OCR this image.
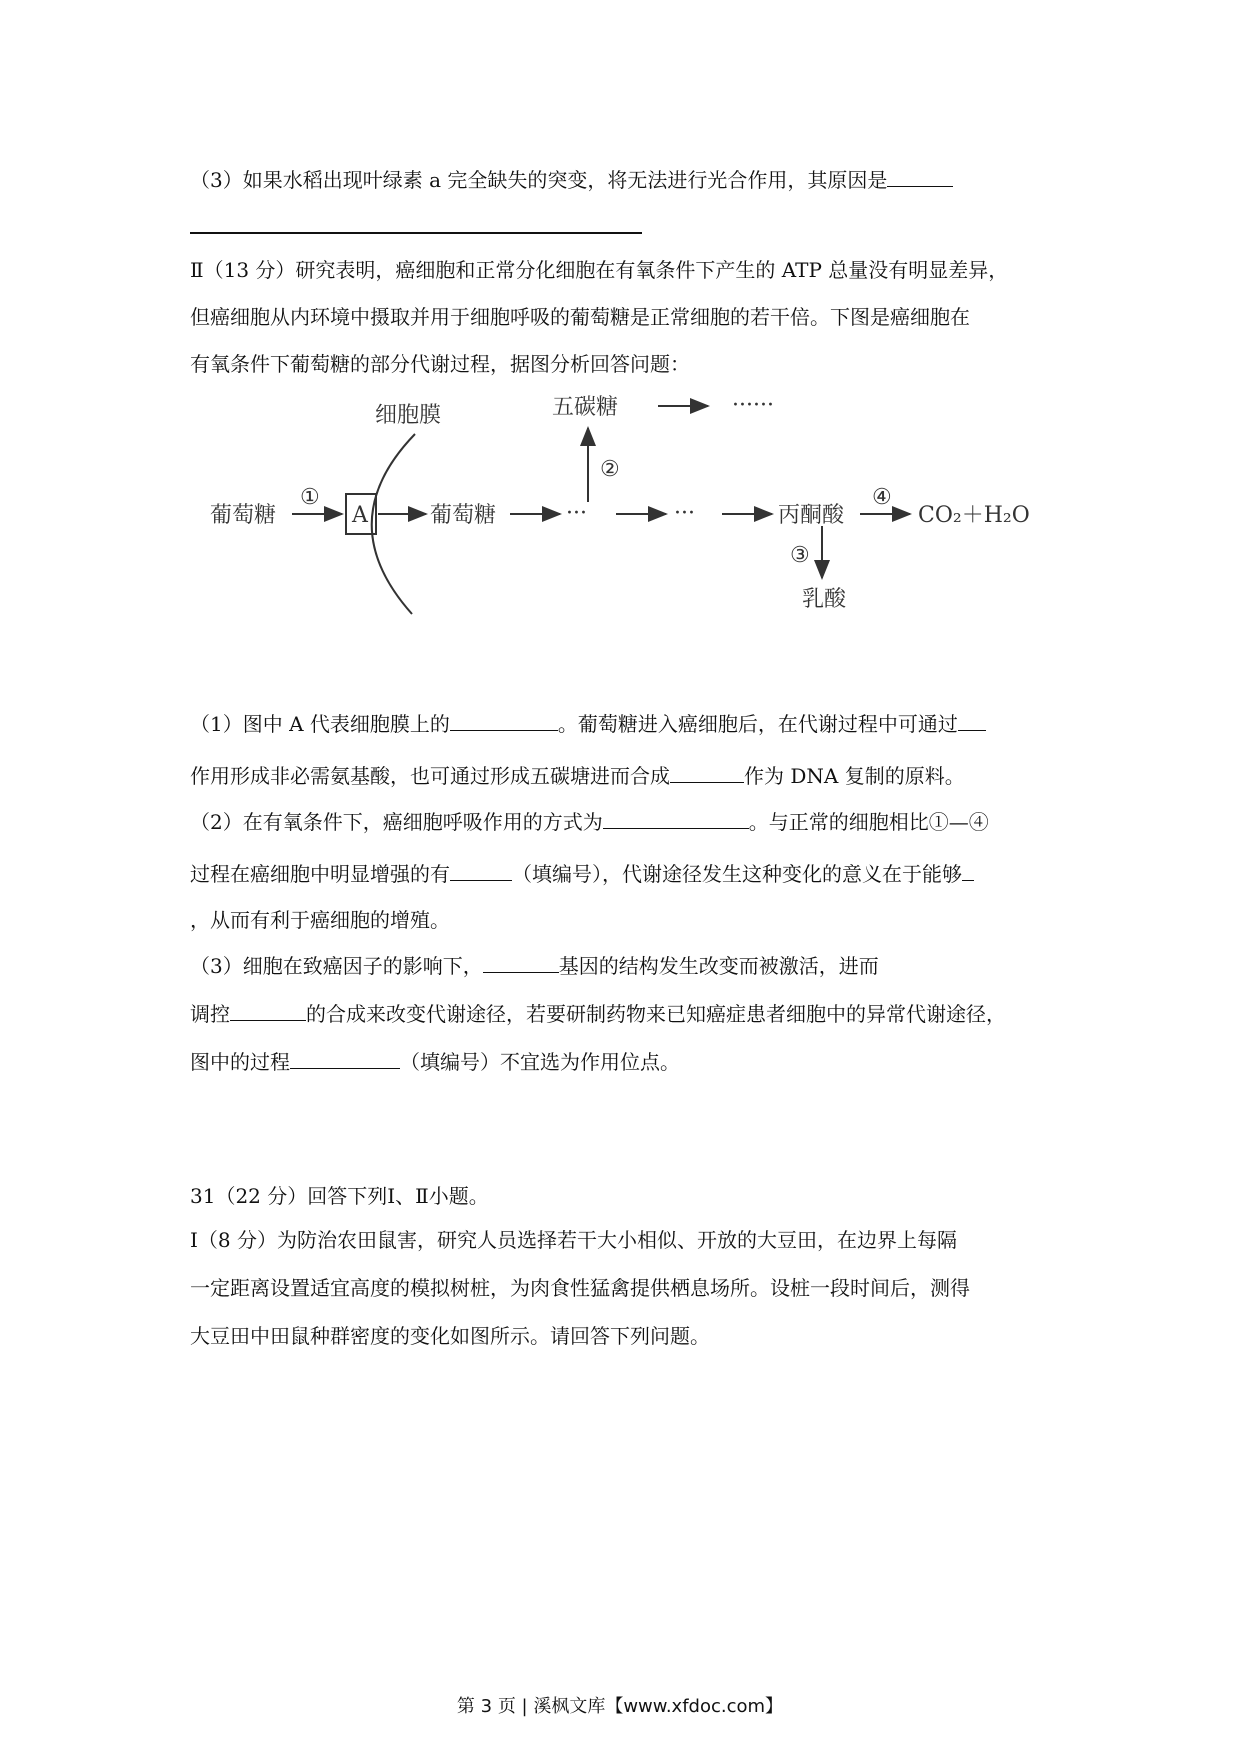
（3）如果水稻出现叶绿素 a 完全缺失的突变，将无法进行光合作用，其原因是
Ⅱ（13 分）研究表明，癌细胞和正常分化细胞在有氧条件下产生的 ATP 总量没有明显差异，
但癌细胞从内环境中摄取并用于细胞呼吸的葡萄糖是正常细胞的若干倍。下图是癌细胞在
有氧条件下葡萄糖的部分代谢过程，据图分析回答问题：
细胞膜
葡萄糖
①
A	葡萄糖	···	···	丙酮酸
④
CO₂＋H₂O
②
五碳糖	······
③
乳酸
（1）图中 A 代表细胞膜上的	。葡萄糖进入癌细胞后，在代谢过程中可通过
作用形成非必需氨基酸，也可通过形成五碳塘进而合成	作为 DNA 复制的原料。
（2）在有氧条件下，癌细胞呼吸作用的方式为	。与正常的细胞相比①—④
过程在癌细胞中明显增强的有	（填编号），代谢途径发生这种变化的意义在于能够
，从而有利于癌细胞的增殖。
（3）细胞在致癌因子的影响下，	基因的结构发生改变而被激活，进而
调控	的合成来改变代谢途径，若要研制药物来已知癌症患者细胞中的异常代谢途径，
图中的过程	（填编号）不宜选为作用位点。
31（22 分）回答下列Ⅰ、Ⅱ小题。
Ⅰ（8 分）为防治农田鼠害，研究人员选择若干大小相似、开放的大豆田，在边界上每隔
一定距离设置适宜高度的模拟树桩，为肉食性猛禽提供栖息场所。设桩一段时间后，测得
大豆田中田鼠种群密度的变化如图所示。请回答下列问题。
第 3 页 | 溪枫文库【www.xfdoc.com】
